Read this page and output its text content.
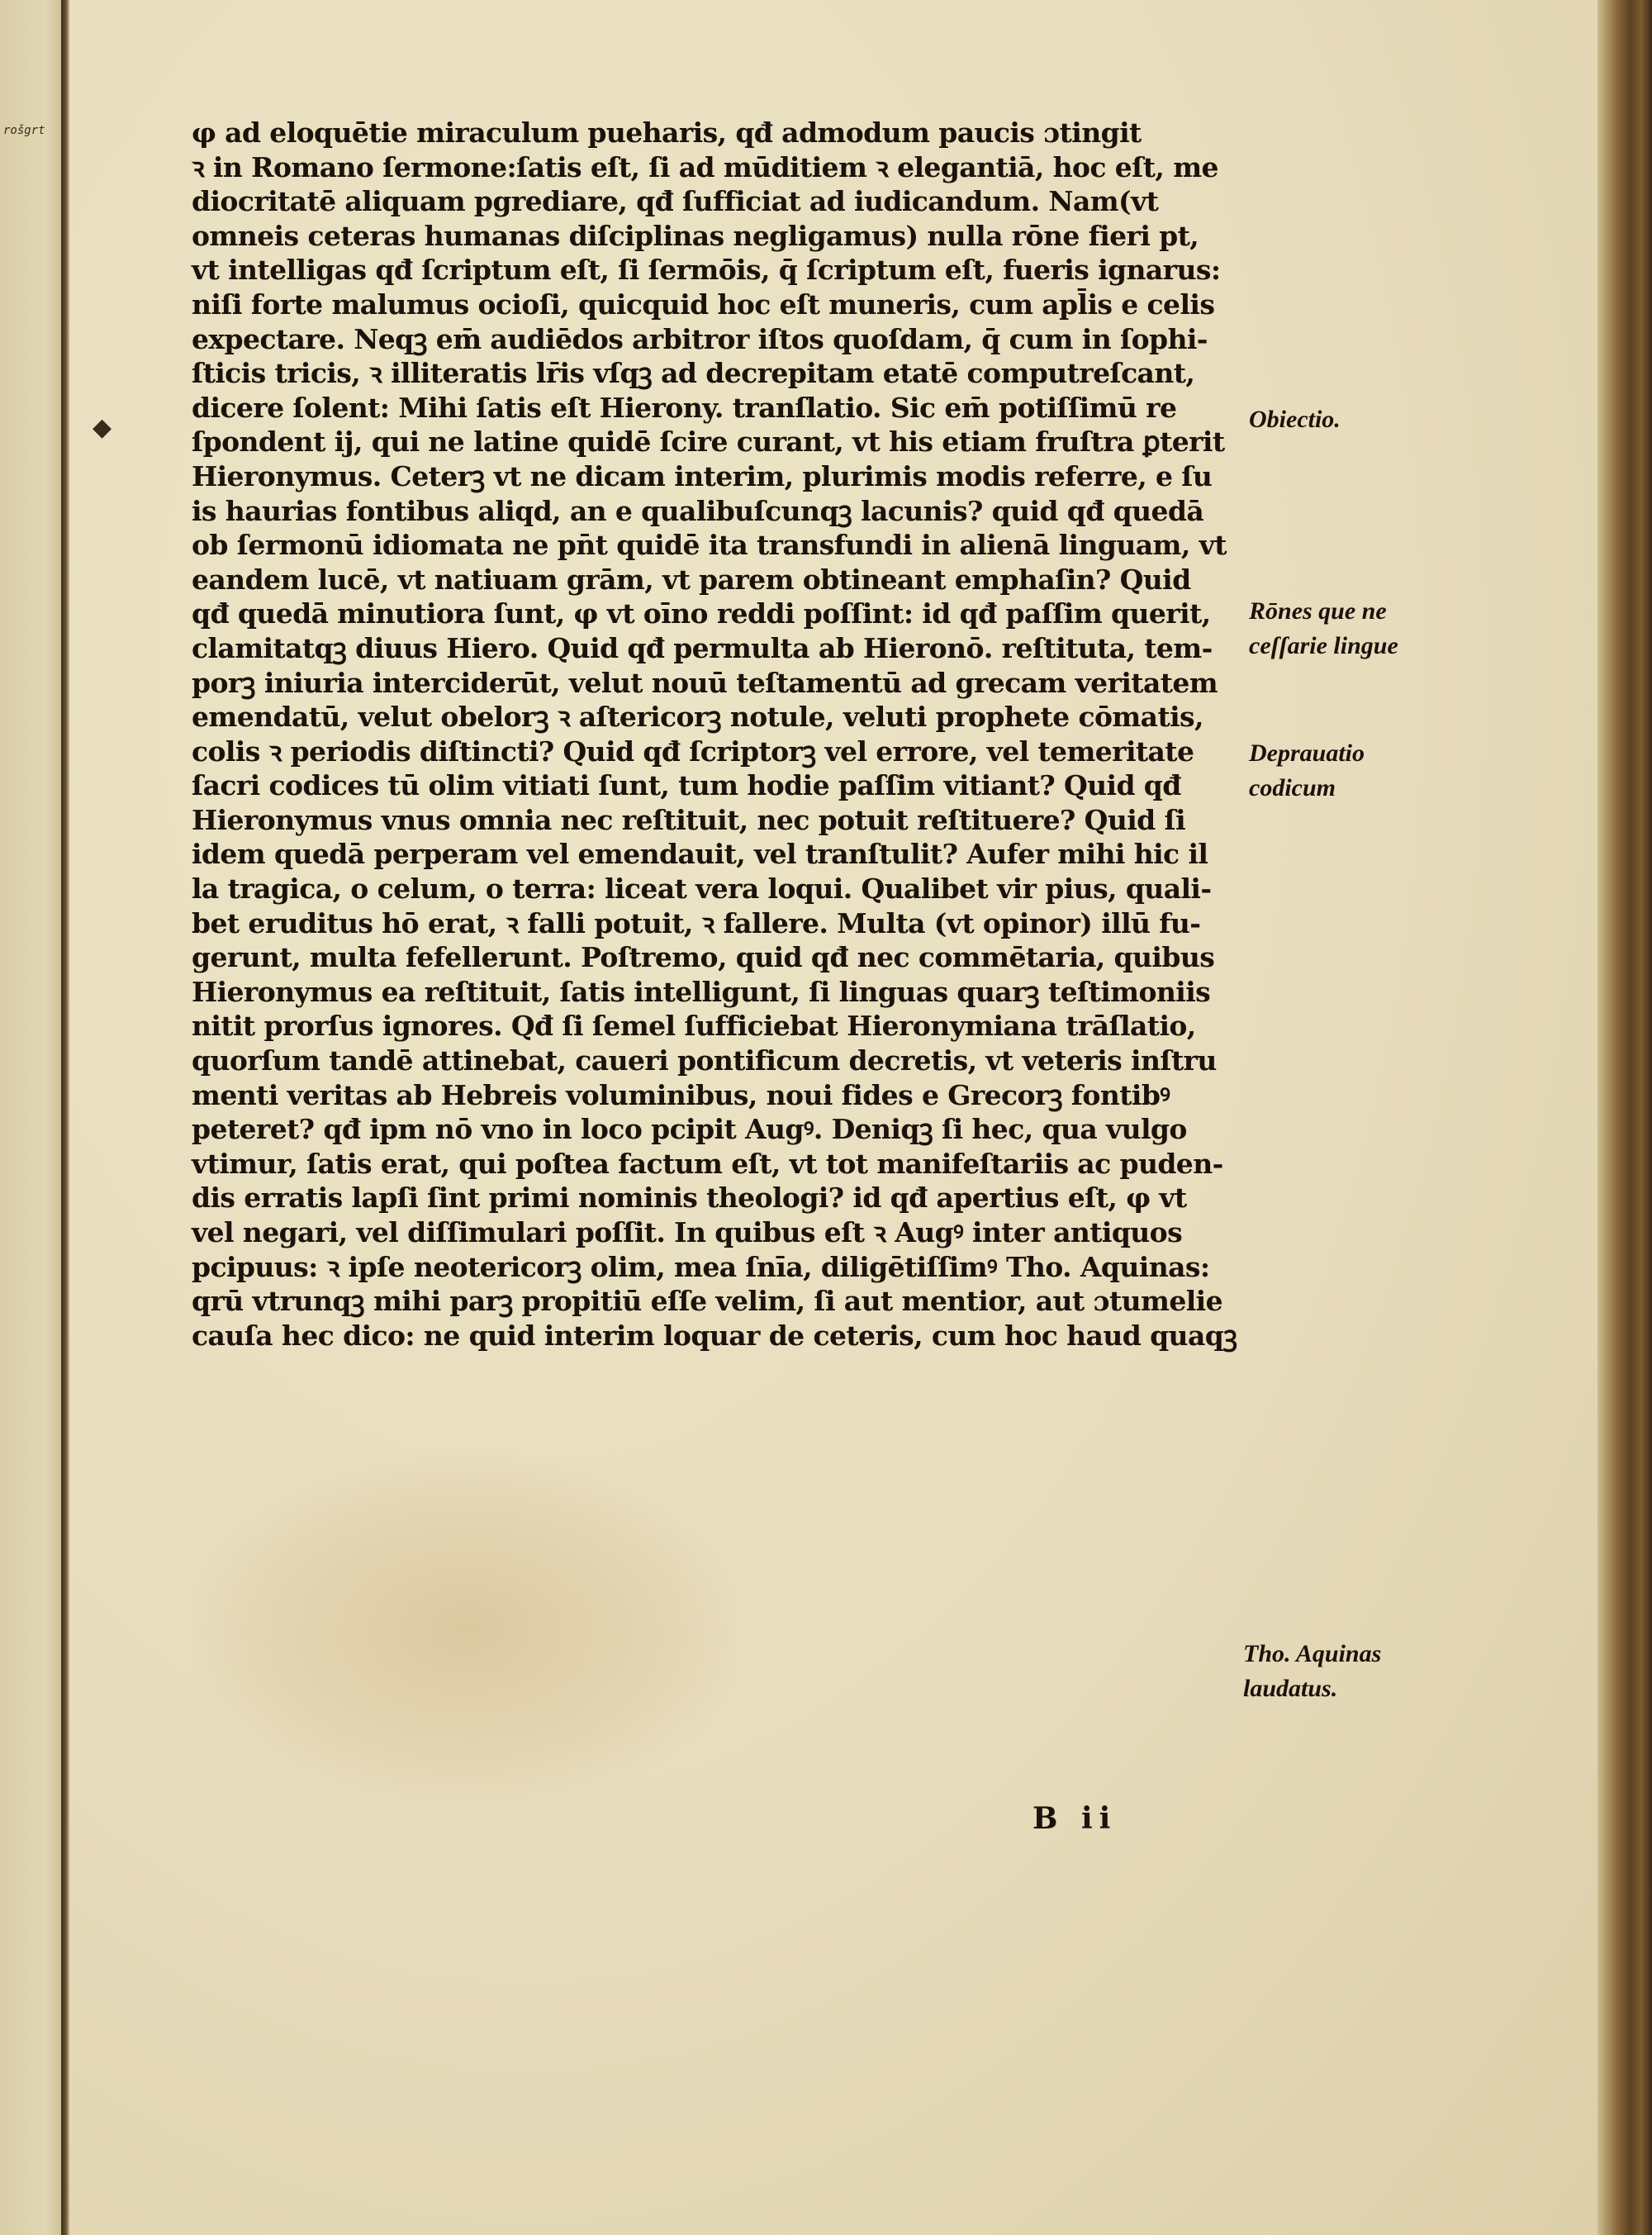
rošgrt	φ ad eloquētie miraculum pueharis, qđ admodum paucis ɔtingit
ꝛ in Romano ſermone:ſatis eſt, ſi ad mūditiem ꝛ elegantiā, hoc eſt, me
diocritatē aliquam pgrediare, qđ ſufficiat ad iudicandum. Nam(vt
omneis ceteras humanas diſciplinas negligamus) nulla rōne fieri pt,
vt intelligas qđ ſcriptum eſt, ſi ſermōis, q̄ ſcriptum eſt, fueris ignarus:
niſi forte malumus ocioſi, quicquid hoc eſt muneris, cum apl̄is e celis
expectare. Neqꝫ em̄ audiēdos arbitror iſtos quoſdam, q̄ cum in ſophi-
ſticis tricis, ꝛ illiteratis lr̄is vſqꝫ ad decrepitam etatē computreſcant,
dicere ſolent: Mihi ſatis eſt Hierony. tranſlatio. Sic em̄ potiſſimū re
ſpondent ij, qui ne latine quidē ſcire curant, vt his etiam fruſtra ꝑterit
Hieronymus. Ceterꝫ vt ne dicam interim, plurimis modis referre, e ſu
is haurias fontibus aliqd, an e qualibuſcunqꝫ lacunis? quid qđ quedā
ob ſermonū idiomata ne pn̄t quidē ita transfundi in alienā linguam, vt
eandem lucē, vt natiuam grām, vt parem obtineant emphaſin? Quid
qđ quedā minutiora ſunt, φ vt oīno reddi poſſint: id qđ paſſim querit,
clamitatqꝫ diuus Hiero. Quid qđ permulta ab Hieronō. reſtituta, tem-
porꝫ iniuria interciderūt, velut nouū teſtamentū ad grecam veritatem
emendatū, velut obelorꝫ ꝛ aſtericorꝫ notule, veluti prophete cōmatis,
colis ꝛ periodis diſtincti? Quid qđ ſcriptorꝫ vel errore, vel temeritate
ſacri codices tū olim vitiati ſunt, tum hodie paſſim vitiant? Quid qđ
Hieronymus vnus omnia nec reſtituit, nec potuit reſtituere? Quid ſi
idem quedā perperam vel emendauit, vel tranſtulit? Aufer mihi hic il
la tragica, o celum, o terra: liceat vera loqui. Qualibet vir pius, quali-
bet eruditus hō erat, ꝛ falli potuit, ꝛ fallere. Multa (vt opinor) illū fu-
gerunt, multa fefellerunt. Poſtremo, quid qđ nec commētaria, quibus
Hieronymus ea reſtituit, ſatis intelligunt, ſi linguas quarꝫ teſtimoniis
nitit prorſus ignores. Qđ ſi ſemel ſufficiebat Hieronymiana trāſlatio,
quorſum tandē attinebat, caueri pontificum decretis, vt veteris inſtru
menti veritas ab Hebreis voluminibus, noui fides e Grecorꝫ fontibꝰ
peteret? qđ ipm nō vno in loco pcipit Augꝰ. Deniqꝫ ſi hec, qua vulgo
vtimur, ſatis erat, qui poſtea factum eſt, vt tot manifeſtariis ac puden-
dis erratis lapſi ſint primi nominis theologi? id qđ apertius eſt, φ vt
vel negari, vel diſſimulari poſſit. In quibus eſt ꝛ Augꝰ inter antiquos
pcipuus: ꝛ ipſe neotericorꝫ olim, mea ſnīa, diligētiſſimꝰ Tho. Aquinas:
qrū vtrunqꝫ mihi parꝫ propitiū eſſe velim, ſi aut mentior, aut ɔtumelie
cauſa hec dico: ne quid interim loquar de ceteris, cum hoc haud quaqꝫ
Obiectio.
Rōnes que ne
ceſſarie lingue
Deprauatio
codicum
Tho. Aquinas
laudatus.
B ii
◆
